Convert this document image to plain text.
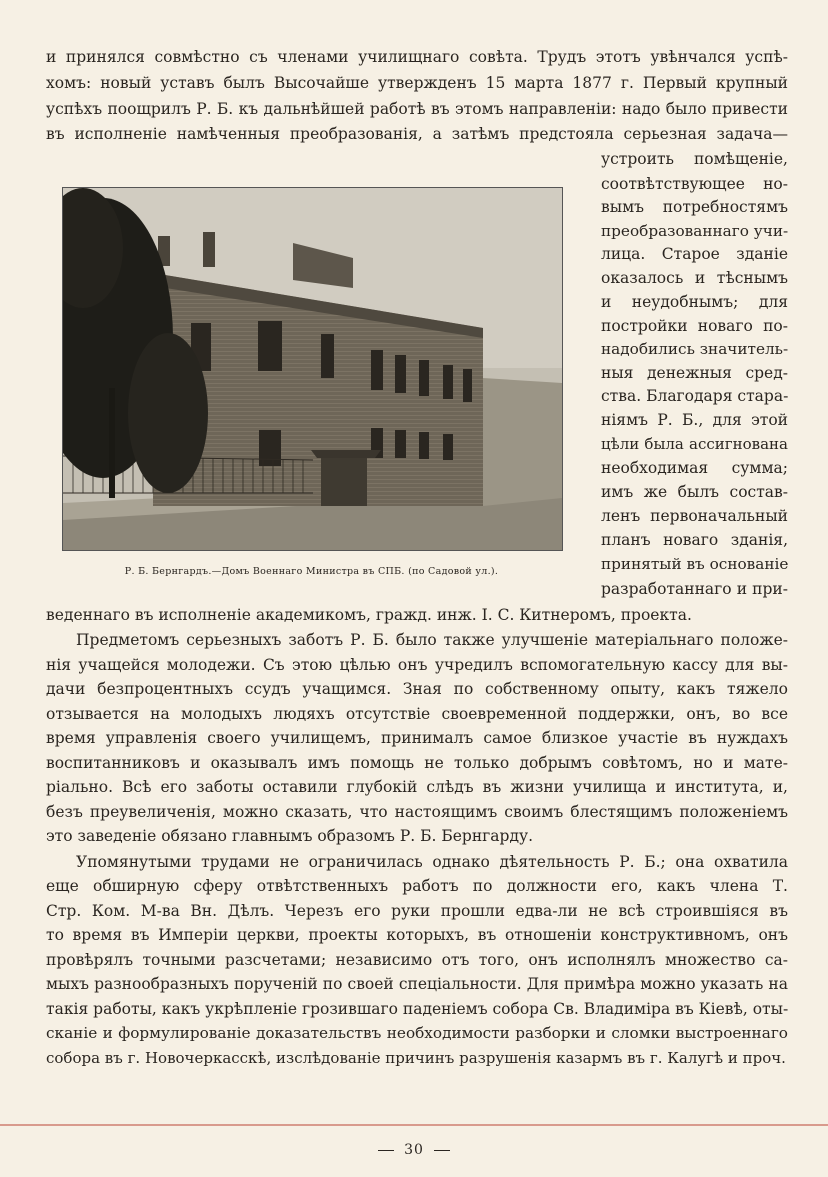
и принялся совмѣстно съ членами училищнаго совѣта. Трудъ этотъ увѣнчался успѣ-
хомъ: новый уставъ былъ Высочайше утвержденъ 15 марта 1877 г. Первый крупный
успѣхъ поощрилъ Р. Б. къ дальнѣйшей работѣ въ этомъ направленіи: надо было привести
въ исполненіе намѣченныя преобразованія, а затѣмъ предстояла серьезная задача—
устроить помѣщеніе,
соотвѣтствующее но-
вымъ потребностямъ
преобразованнаго учи-
лица. Старое зданіе
оказалось и тѣснымъ
и неудобнымъ; для
постройки новаго по-
надобились значитель-
ныя денежныя сред-
ства. Благодаря стара-
ніямъ Р. Б., для этой
цѣли была ассигнована
необходимая сумма;
имъ же былъ состав-
ленъ первоначальный
планъ новаго зданія,
принятый въ основаніе
разработаннаго и при-
Р. Б. Бернгардъ.—Домъ Военнаго Министра въ СПБ. (по Садовой ул.).
веденнаго въ исполненіе академикомъ, гражд. инж. І. С. Китнеромъ, проекта.
Предметомъ серьезныхъ заботъ Р. Б. было также улучшеніе матеріальнаго положе-
нія учащейся молодежи. Съ этою цѣлью онъ учредилъ вспомогательную кассу для вы-
дачи безпроцентныхъ ссудъ учащимся. Зная по собственному опыту, какъ тяжело
отзывается на молодыхъ людяхъ отсутствіе своевременной поддержки, онъ, во все
время управленія своего училищемъ, принималъ самое близкое участіе въ нуждахъ
воспитанниковъ и оказывалъ имъ помощь не только добрымъ совѣтомъ, но и мате-
ріально. Всѣ его заботы оставили глубокій слѣдъ въ жизни училища и института, и,
безъ преувеличенія, можно сказать, что настоящимъ своимъ блестящимъ положеніемъ
это заведеніе обязано главнымъ образомъ Р. Б. Бернгарду.
Упомянутыми трудами не ограничилась однако дѣятельность Р. Б.; она охватила
еще обширную сферу отвѣтственныхъ работъ по должности его, какъ члена Т.
Стр. Ком. М-ва Вн. Дѣлъ. Черезъ его руки прошли едва-ли не всѣ строившіяся въ
то время въ Имперіи церкви, проекты которыхъ, въ отношеніи конструктивномъ, онъ
провѣрялъ точными разсчетами; независимо отъ того, онъ исполнялъ множество са-
мыхъ разнообразныхъ порученій по своей спеціальности. Для примѣра можно указать на
такія работы, какъ укрѣпленіе грозившаго паденіемъ собора Св. Владиміра въ Кіевѣ, оты-
сканіе и формулированіе доказательствъ необходимости разборки и сломки выстроеннаго
собора въ г. Новочеркасскѣ, изслѣдованіе причинъ разрушенія казармъ въ г. Калугѣ и проч.
30
